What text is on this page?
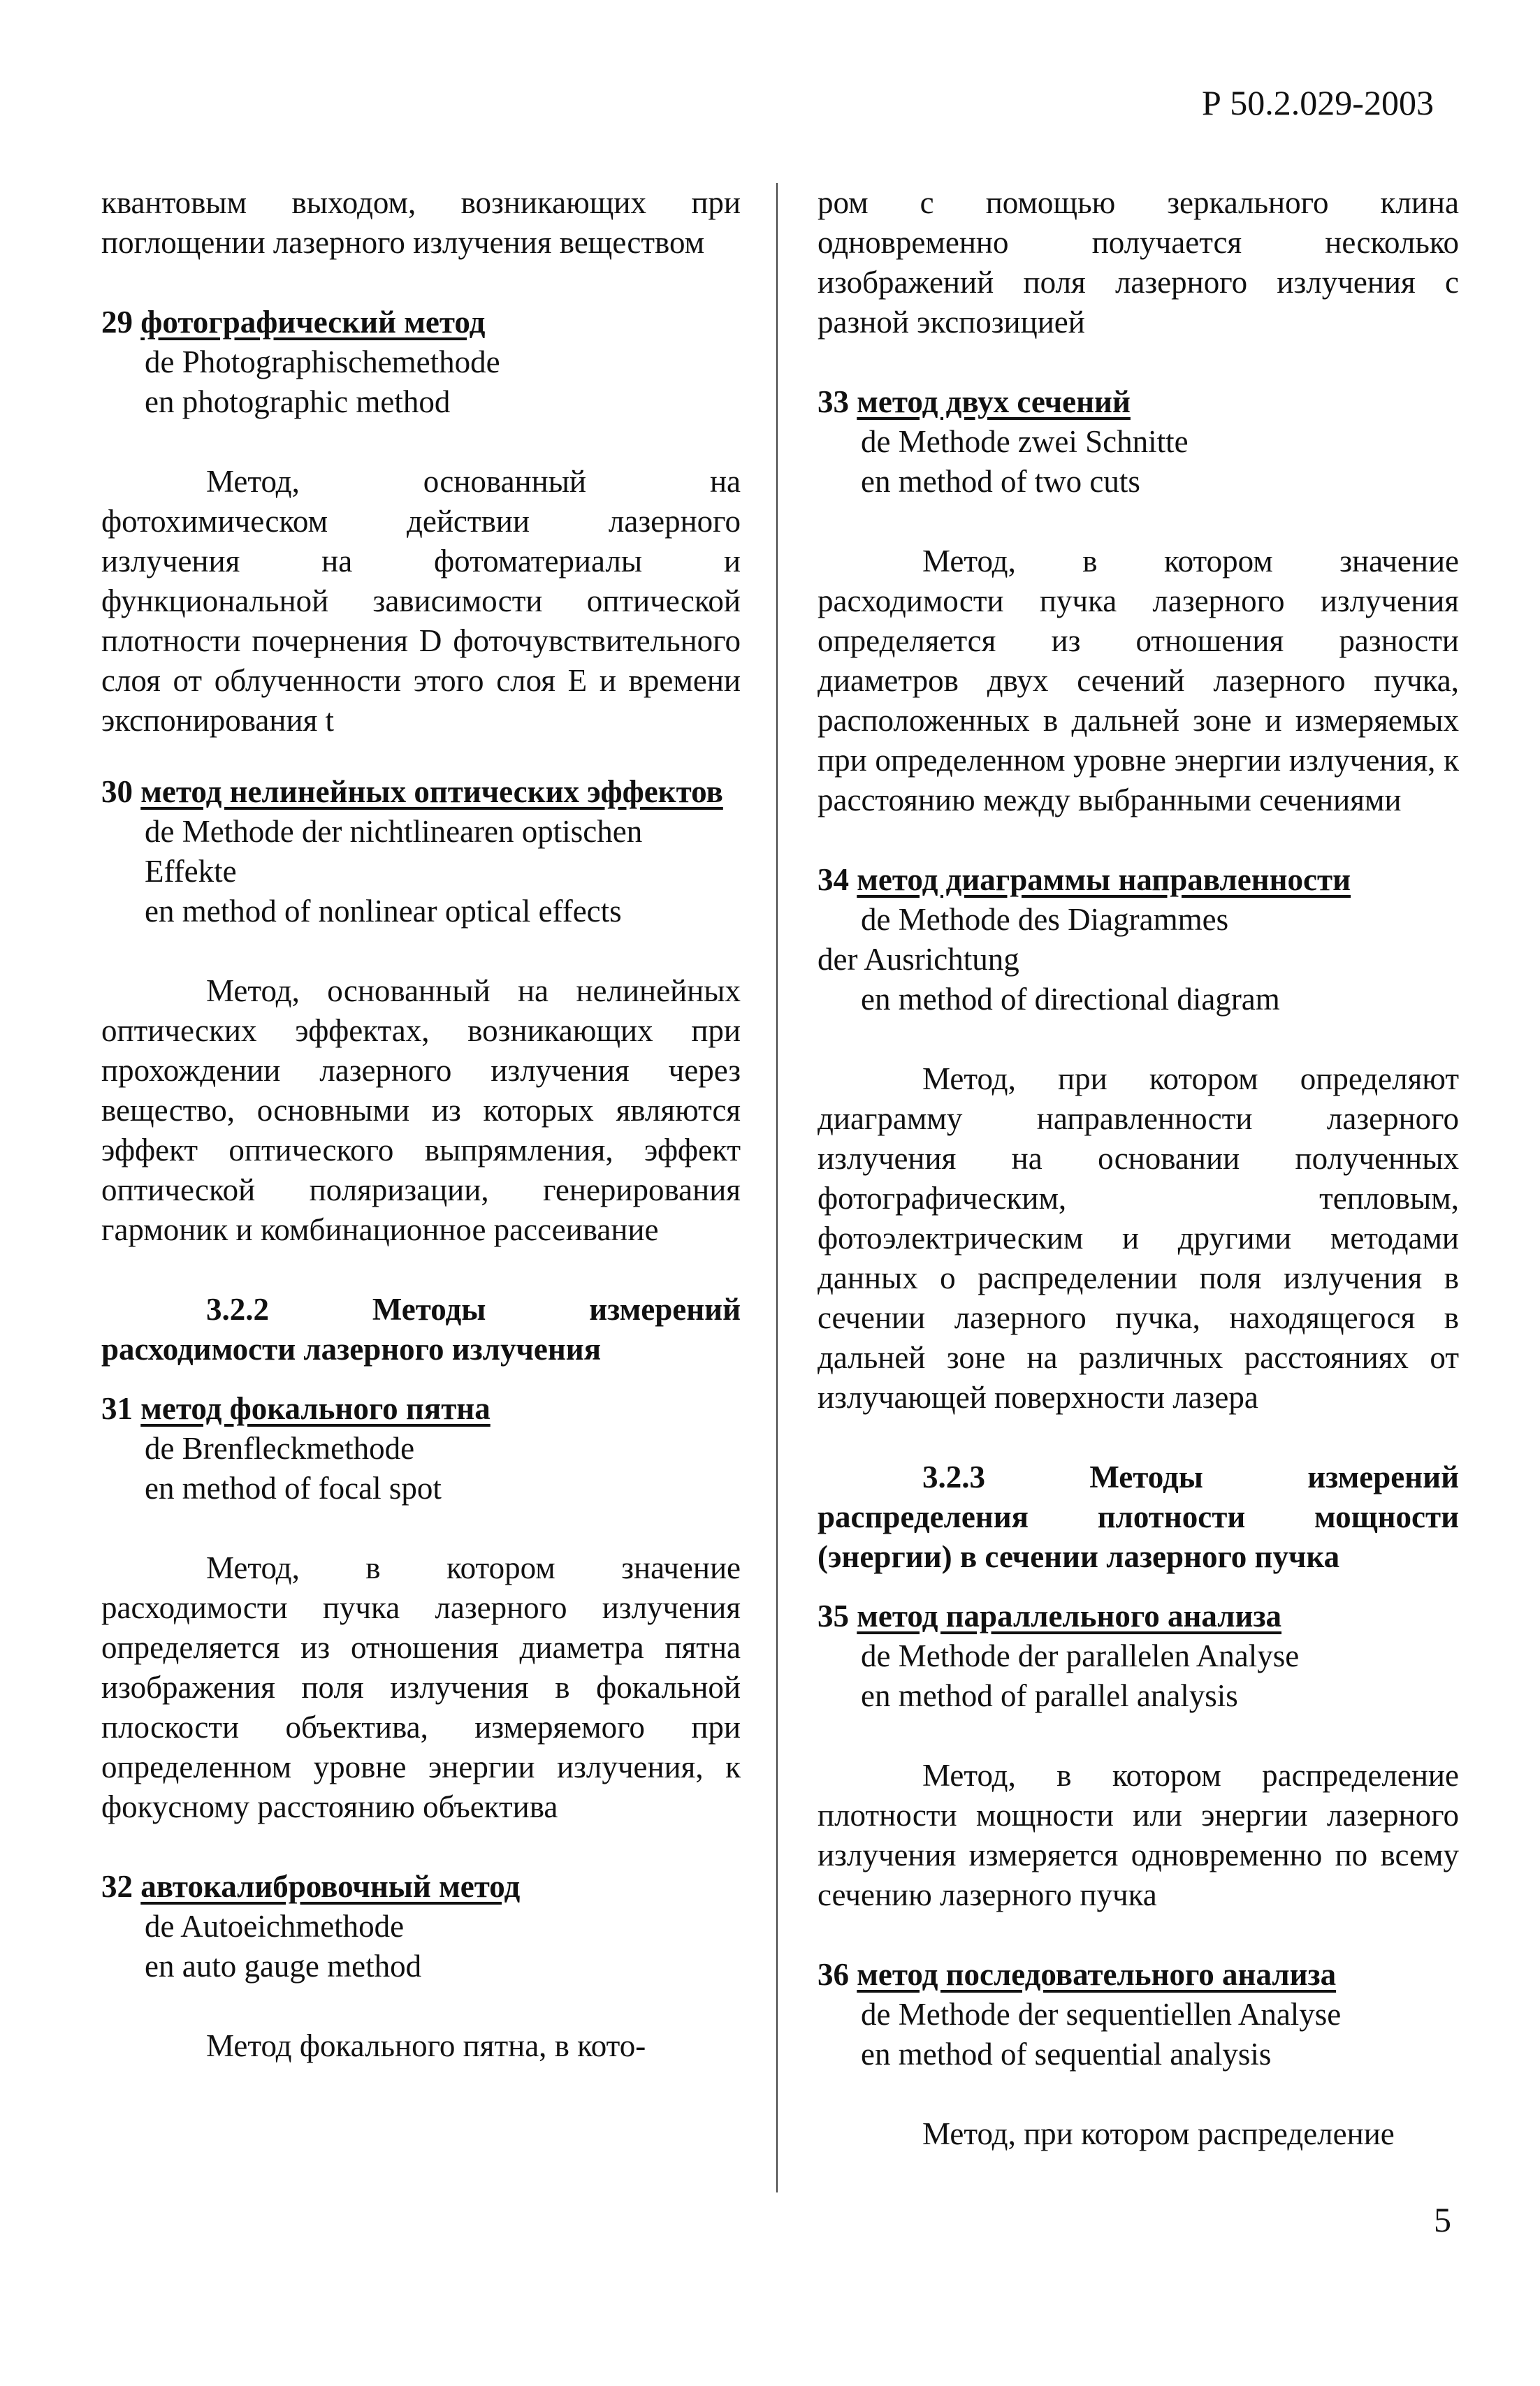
Р 50.2.029-2003
квантовым выходом, возникающих при поглощении лазерного излучения веществом
29 фотографический метод
de Photographischemethode
en photographic method
Метод, основанный на фотохимическом действии лазерного излучения на фотоматериалы и функциональной зависимости оптической плотности почернения D фоточувствительного слоя от облученности этого слоя E и времени экспонирования t
30 метод нелинейных оптических эффектов
de Methode der nichtlinearen optischen Effekte
en method of nonlinear optical effects
Метод, основанный на нелинейных оптических эффектах, возникающих при прохождении лазерного излучения через вещество, основными из которых являются эффект оптического выпрямления, эффект оптической поляризации, генерирования гармоник и комбинационное рассеивание
3.2.2 Методы измерений расходимости лазерного излучения
31 метод фокального пятна
de Brenfleckmethode
en method of focal spot
Метод, в котором значение расходимости пучка лазерного излучения определяется из отношения диаметра пятна изображения поля излучения в фокальной плоскости объектива, измеряемого при определенном уровне энергии излучения, к фокусному расстоянию объектива
32 автокалибровочный метод
de Autoeichmethode
en auto gauge method
Метод фокального пятна, в кото-
ром с помощью зеркального клина одновременно получается несколько изображений поля лазерного излучения с разной экспозицией
33 метод двух сечений
de Methode zwei Schnitte
en method of two cuts
Метод, в котором значение расходимости пучка лазерного излучения определяется из отношения разности диаметров двух сечений лазерного пучка, расположенных в дальней зоне и измеряемых при определенном уровне энергии излучения, к расстоянию между выбранными сечениями
34 метод диаграммы направленности
de Methode des Diagrammes
der Ausrichtung
en method of directional diagram
Метод, при котором определяют диаграмму направленности лазерного излучения на основании полученных фотографическим, тепловым, фотоэлектрическим и другими методами данных о распределении поля излучения в сечении лазерного пучка, находящегося в дальней зоне на различных расстояниях от излучающей поверхности лазера
3.2.3 Методы измерений распределения плотности мощности (энергии) в сечении лазерного пучка
35 метод параллельного анализа
de Methode der parallelen Analyse
en method of parallel analysis
Метод, в котором распределение плотности мощности или энергии лазерного излучения измеряется одновременно по всему сечению лазерного пучка
36 метод последовательного анализа
de Methode der sequentiellen Analyse
en method of sequential analysis
Метод, при котором распределение
5
